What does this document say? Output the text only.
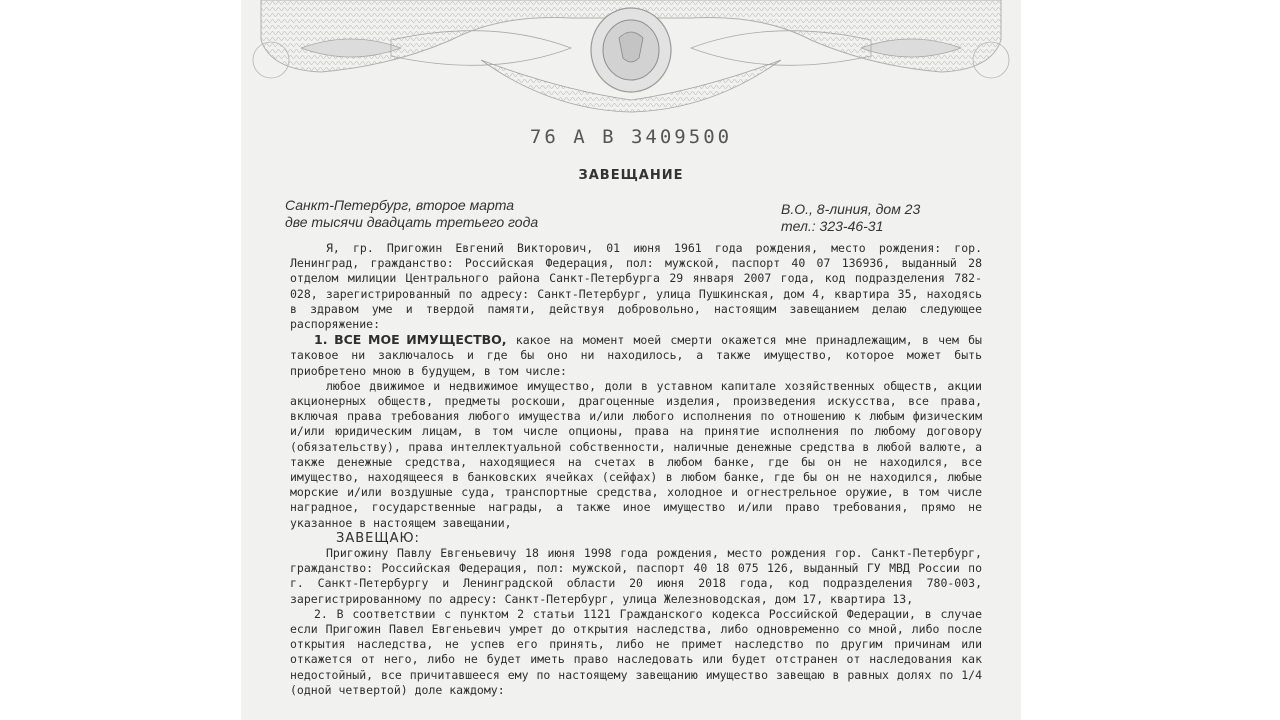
76 А В 3409500
ЗАВЕЩАНИЕ
Санкт-Петербург, второе марта
две тысячи двадцать третьего года
В.О., 8-линия, дом 23
тел.: 323-46-31

Я, гр. Пригожин Евгений Викторович, 01 июня 1961 года рождения, место рождения: гор. Ленинград, гражданство: Российская Федерация, пол: мужской, паспорт 40 07 136936, выданный 28 отделом милиции Центрального района Санкт-Петербурга 29 января 2007 года, код подразделения 782-028, зарегистрированный по адресу: Санкт-Петербург, улица Пушкинская, дом 4, квартира 35, находясь в здравом уме и твердой памяти, действуя добровольно, настоящим завещанием делаю следующее распоряжение:

1. ВСЕ МОЕ ИМУЩЕСТВО, какое на момент моей смерти окажется мне принадлежащим, в чем бы таковое ни заключалось и где бы оно ни находилось, а также имущество, которое может быть приобретено мною в будущем, в том числе:

любое движимое и недвижимое имущество, доли в уставном капитале хозяйственных обществ, акции акционерных обществ, предметы роскоши, драгоценные изделия, произведения искусства, все права, включая права требования любого имущества и/или любого исполнения по отношению к любым физическим и/или юридическим лицам, в том числе опционы, права на принятие исполнения по любому договору (обязательству), права интеллектуальной собственности, наличные денежные средства в любой валюте, а также денежные средства, находящиеся на счетах в любом банке, где бы он не находился, все имущество, находящееся в банковских ячейках (сейфах) в любом банке, где бы он не находился, любые морские и/или воздушные суда, транспортные средства, холодное и огнестрельное оружие, в том числе наградное, государственные награды, а также иное имущество и/или право требования, прямо не указанное в настоящем завещании,

ЗАВЕЩАЮ:

Пригожину Павлу Евгеньевичу 18 июня 1998 года рождения, место рождения гор. Санкт-Петербург, гражданство: Российская Федерация, пол: мужской, паспорт 40 18 075 126, выданный ГУ МВД России по г. Санкт-Петербургу и Ленинградской области 20 июня 2018 года, код подразделения 780-003, зарегистрированному по адресу: Санкт-Петербург, улица Железноводская, дом 17, квартира 13,

2. В соответствии с пунктом 2 статьи 1121 Гражданского кодекса Российской Федерации, в случае если Пригожин Павел Евгеньевич умрет до открытия наследства, либо одновременно со мной, либо после открытия наследства, не успев его принять, либо не примет наследство по другим причинам или откажется от него, либо не будет иметь право наследовать или будет отстранен от наследования как недостойный, все причитавшееся ему по настоящему завещанию имущество завещаю в равных долях по 1/4 (одной четвертой) доле каждому:
